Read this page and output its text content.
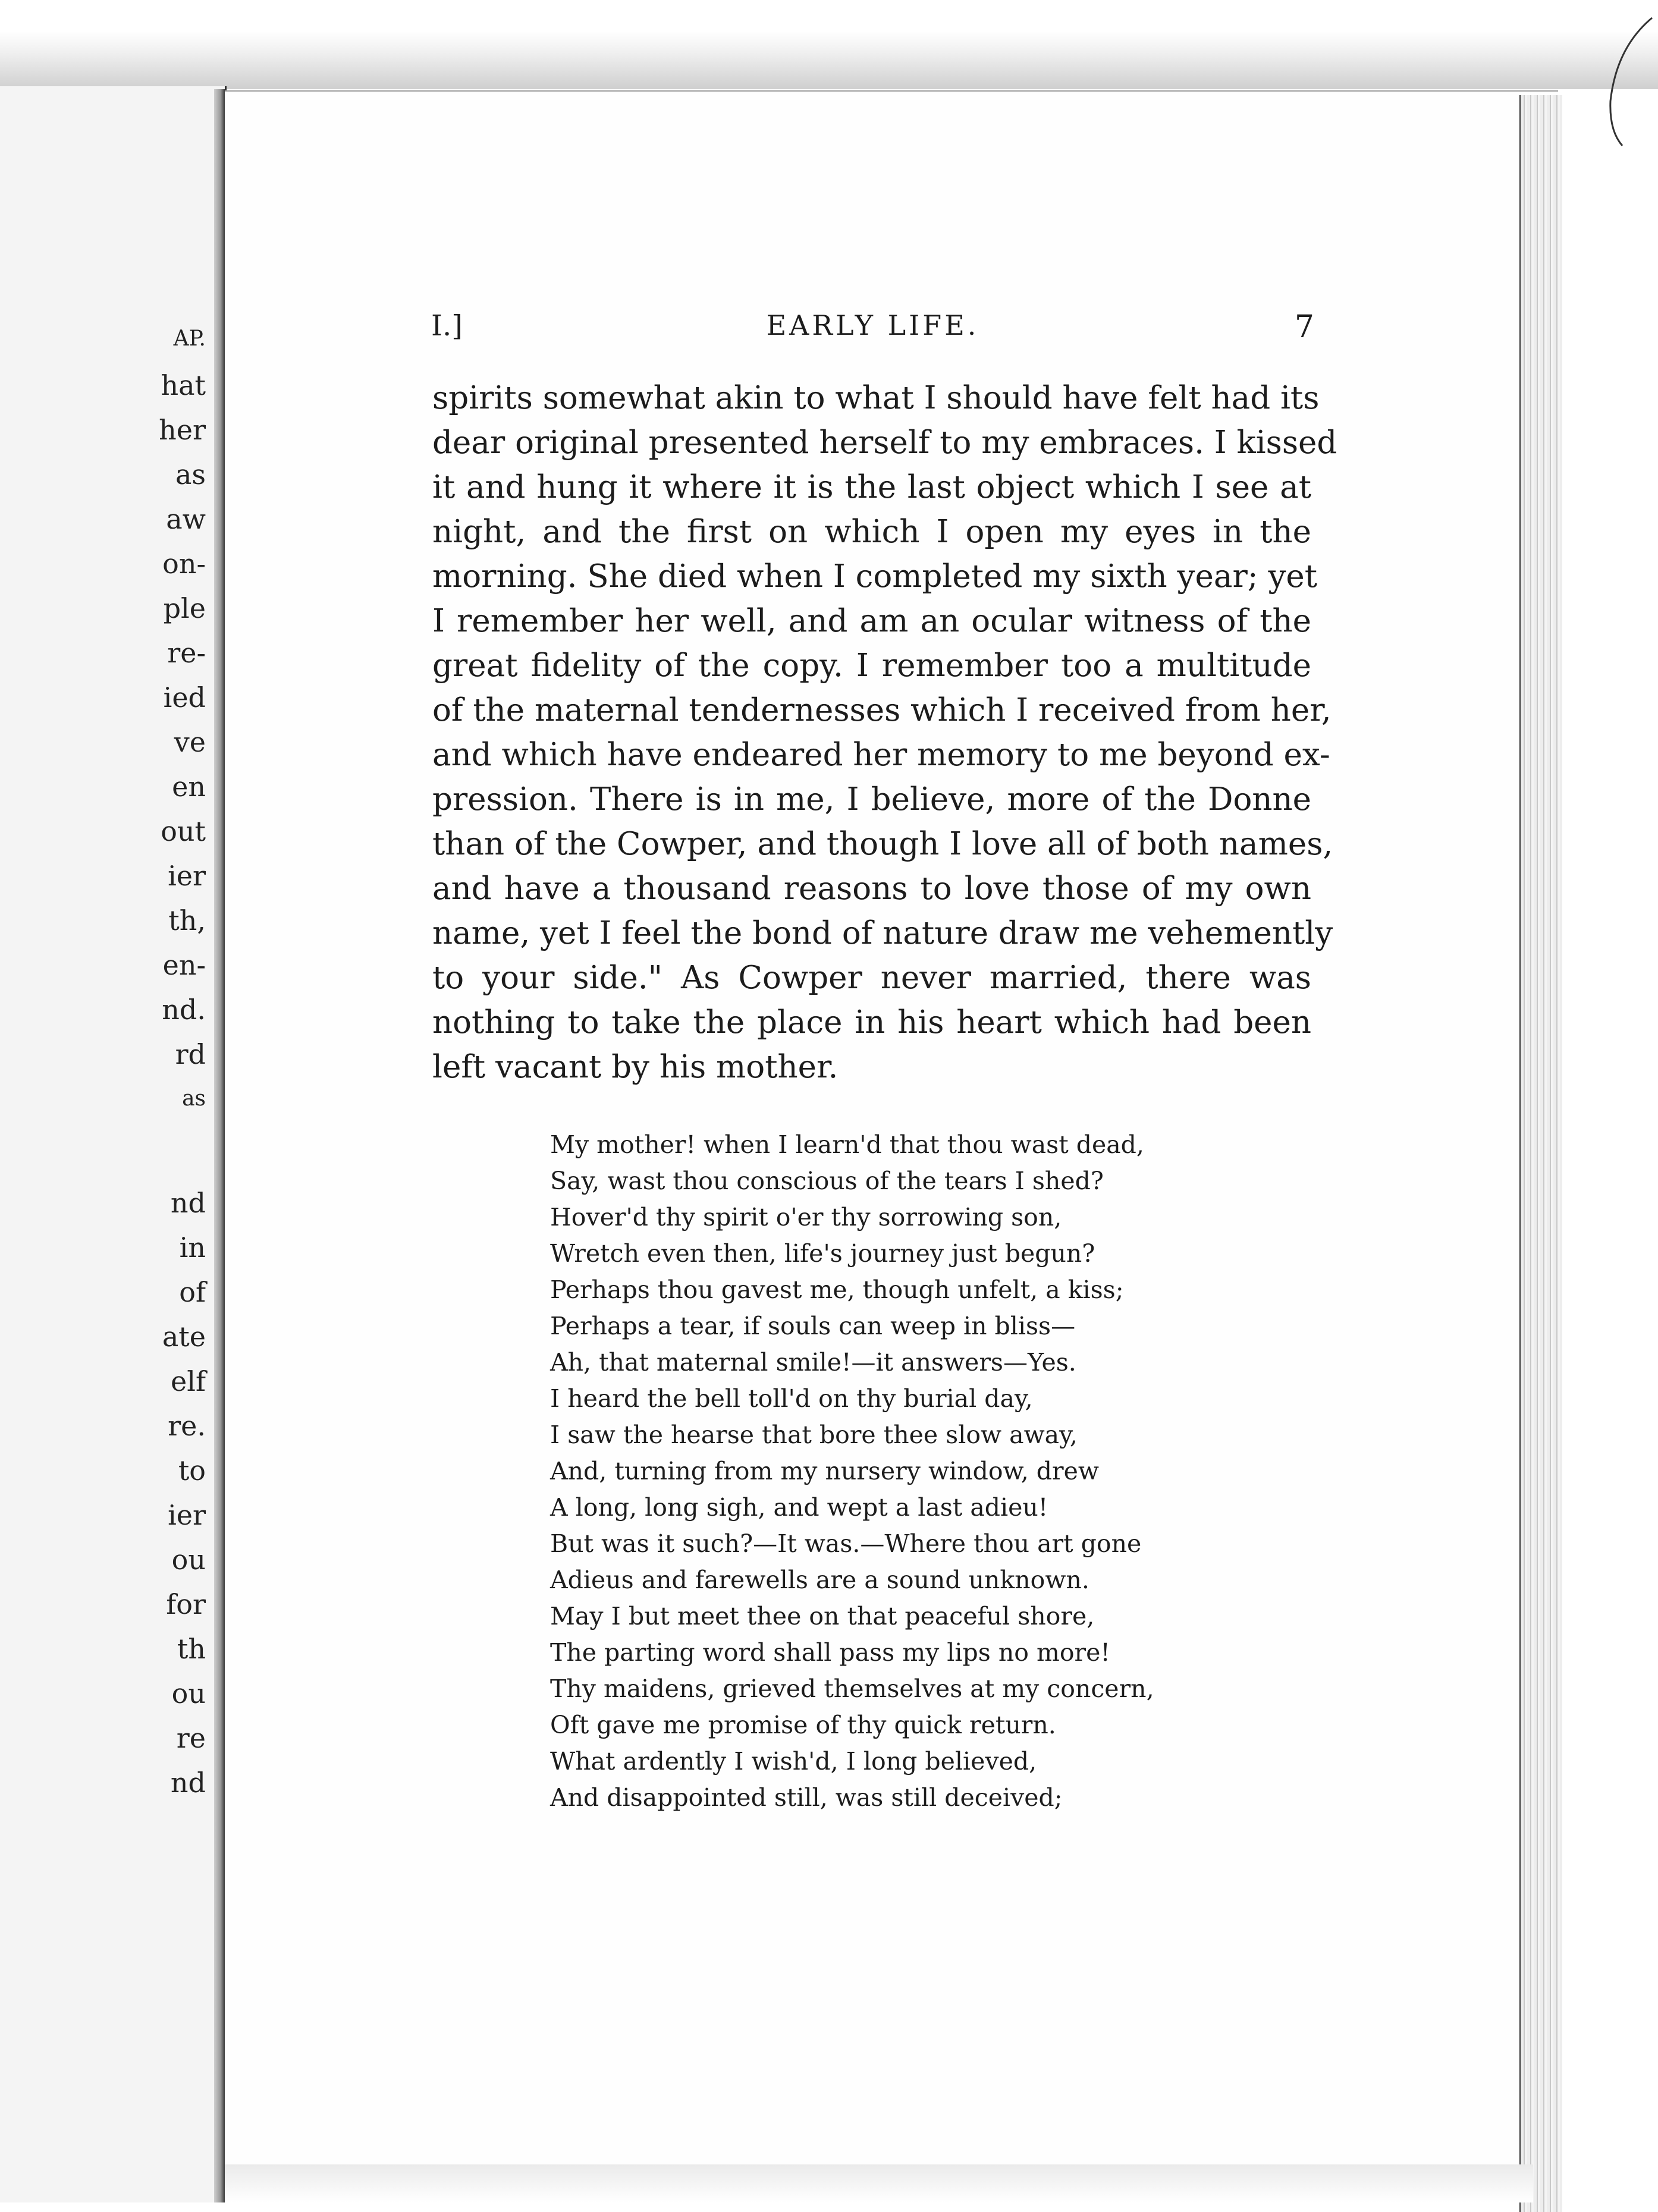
AP.

hat

her

as

aw

on-

ple

re-

ied

ve

en

out

ier

th,

en-

nd.

rd

as

nd

in

of

ate

elf

re.

to

ier

ou

for

th

ou

re

nd

I.]	EARLY LIFE.	7

spirits somewhat akin to what I should have felt had its

dear original presented herself to my embraces. I kissed

it and hung it where it is the last object which I see at

night, and the first on which I open my eyes in the

morning. She died when I completed my sixth year; yet

I remember her well, and am an ocular witness of the

great fidelity of the copy. I remember too a multitude

of the maternal tendernesses which I received from her,

and which have endeared her memory to me beyond ex-

pression. There is in me, I believe, more of the Donne

than of the Cowper, and though I love all of both names,

and have a thousand reasons to love those of my own

name, yet I feel the bond of nature draw me vehemently

to your side." As Cowper never married, there was

nothing to take the place in his heart which had been

left vacant by his mother.

My mother! when I learn'd that thou wast dead,

Say, wast thou conscious of the tears I shed?

Hover'd thy spirit o'er thy sorrowing son,

Wretch even then, life's journey just begun?

Perhaps thou gavest me, though unfelt, a kiss;

Perhaps a tear, if souls can weep in bliss—

Ah, that maternal smile!—it answers—Yes.

I heard the bell toll'd on thy burial day,

I saw the hearse that bore thee slow away,

And, turning from my nursery window, drew

A long, long sigh, and wept a last adieu!

But was it such?—It was.—Where thou art gone

Adieus and farewells are a sound unknown.

May I but meet thee on that peaceful shore,

The parting word shall pass my lips no more!

Thy maidens, grieved themselves at my concern,

Oft gave me promise of thy quick return.

What ardently I wish'd, I long believed,

And disappointed still, was still deceived;
